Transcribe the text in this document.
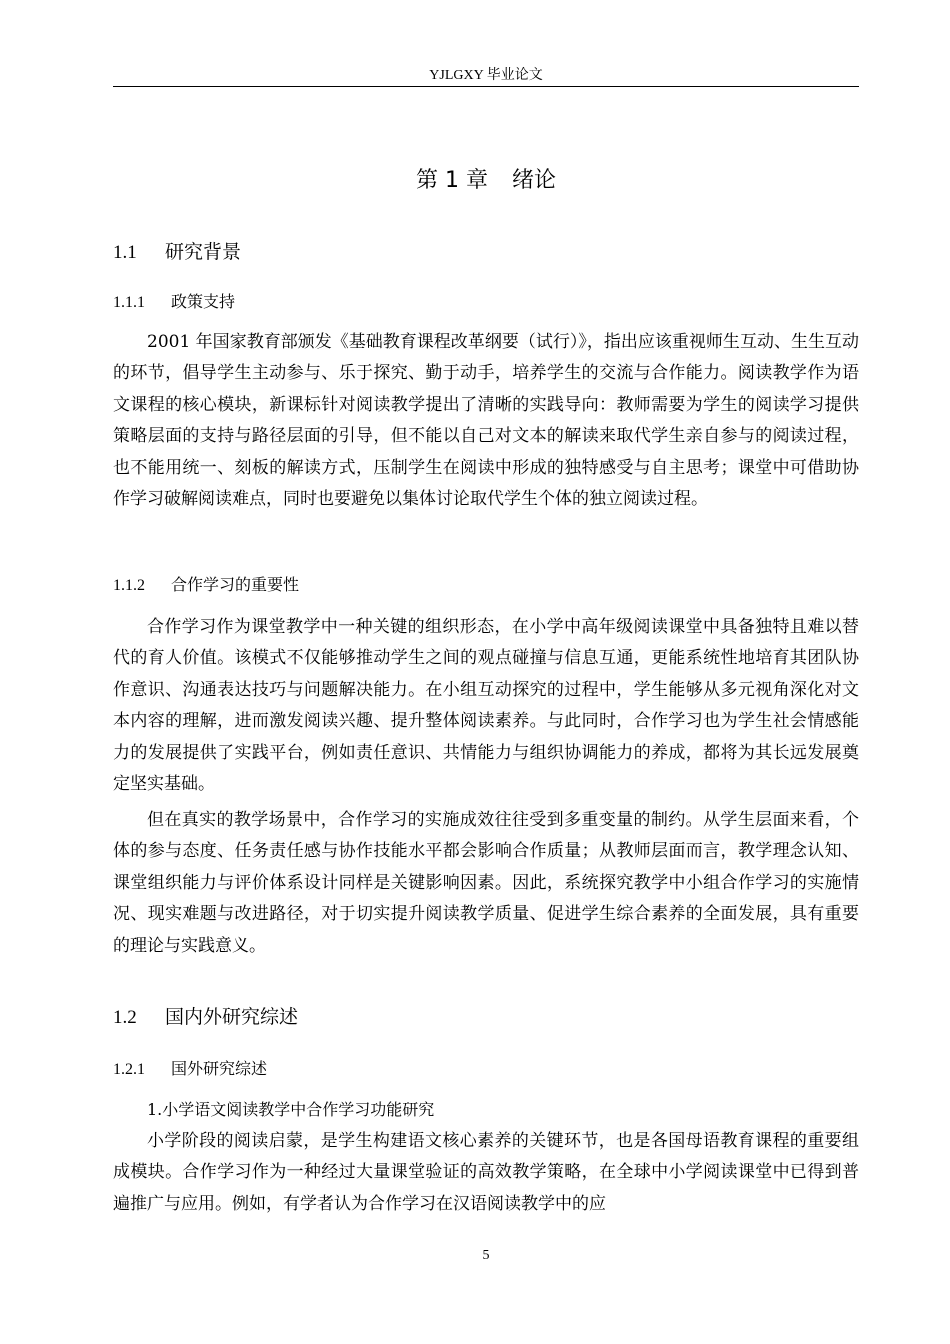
YJLGXY 毕业论文
第 1 章 绪论
1.1 研究背景
1.1.1 政策支持

2001 年国家教育部颁发《基础教育课程改革纲要（试行）》，指出应该重视师生互动、生生互动的环节，倡导学生主动参与、乐于探究、勤于动手，培养学生的交流与合作能力。阅读教学作为语文课程的核心模块，新课标针对阅读教学提出了清晰的实践导向：教师需要为学生的阅读学习提供策略层面的支持与路径层面的引导，但不能以自己对文本的解读来取代学生亲自参与的阅读过程，也不能用统一、刻板的解读方式，压制学生在阅读中形成的独特感受与自主思考；课堂中可借助协作学习破解阅读难点，同时也要避免以集体讨论取代学生个体的独立阅读过程。

1.1.2 合作学习的重要性

合作学习作为课堂教学中一种关键的组织形态，在小学中高年级阅读课堂中具备独特且难以替代的育人价值。该模式不仅能够推动学生之间的观点碰撞与信息互通，更能系统性地培育其团队协作意识、沟通表达技巧与问题解决能力。在小组互动探究的过程中，学生能够从多元视角深化对文本内容的理解，进而激发阅读兴趣、提升整体阅读素养。与此同时，合作学习也为学生社会情感能力的发展提供了实践平台，例如责任意识、共情能力与组织协调能力的养成，都将为其长远发展奠定坚实基础。

但在真实的教学场景中，合作学习的实施成效往往受到多重变量的制约。从学生层面来看，个体的参与态度、任务责任感与协作技能水平都会影响合作质量；从教师层面而言，教学理念认知、课堂组织能力与评价体系设计同样是关键影响因素。因此，系统探究教学中小组合作学习的实施情况、现实难题与改进路径，对于切实提升阅读教学质量、促进学生综合素养的全面发展，具有重要的理论与实践意义。

1.2 国内外研究综述
1.2.1 国外研究综述
1.小学语文阅读教学中合作学习功能研究

小学阶段的阅读启蒙，是学生构建语文核心素养的关键环节，也是各国母语教育课程的重要组成模块。合作学习作为一种经过大量课堂验证的高效教学策略，在全球中小学阅读课堂中已得到普遍推广与应用。例如，有学者认为合作学习在汉语阅读教学中的应

5
